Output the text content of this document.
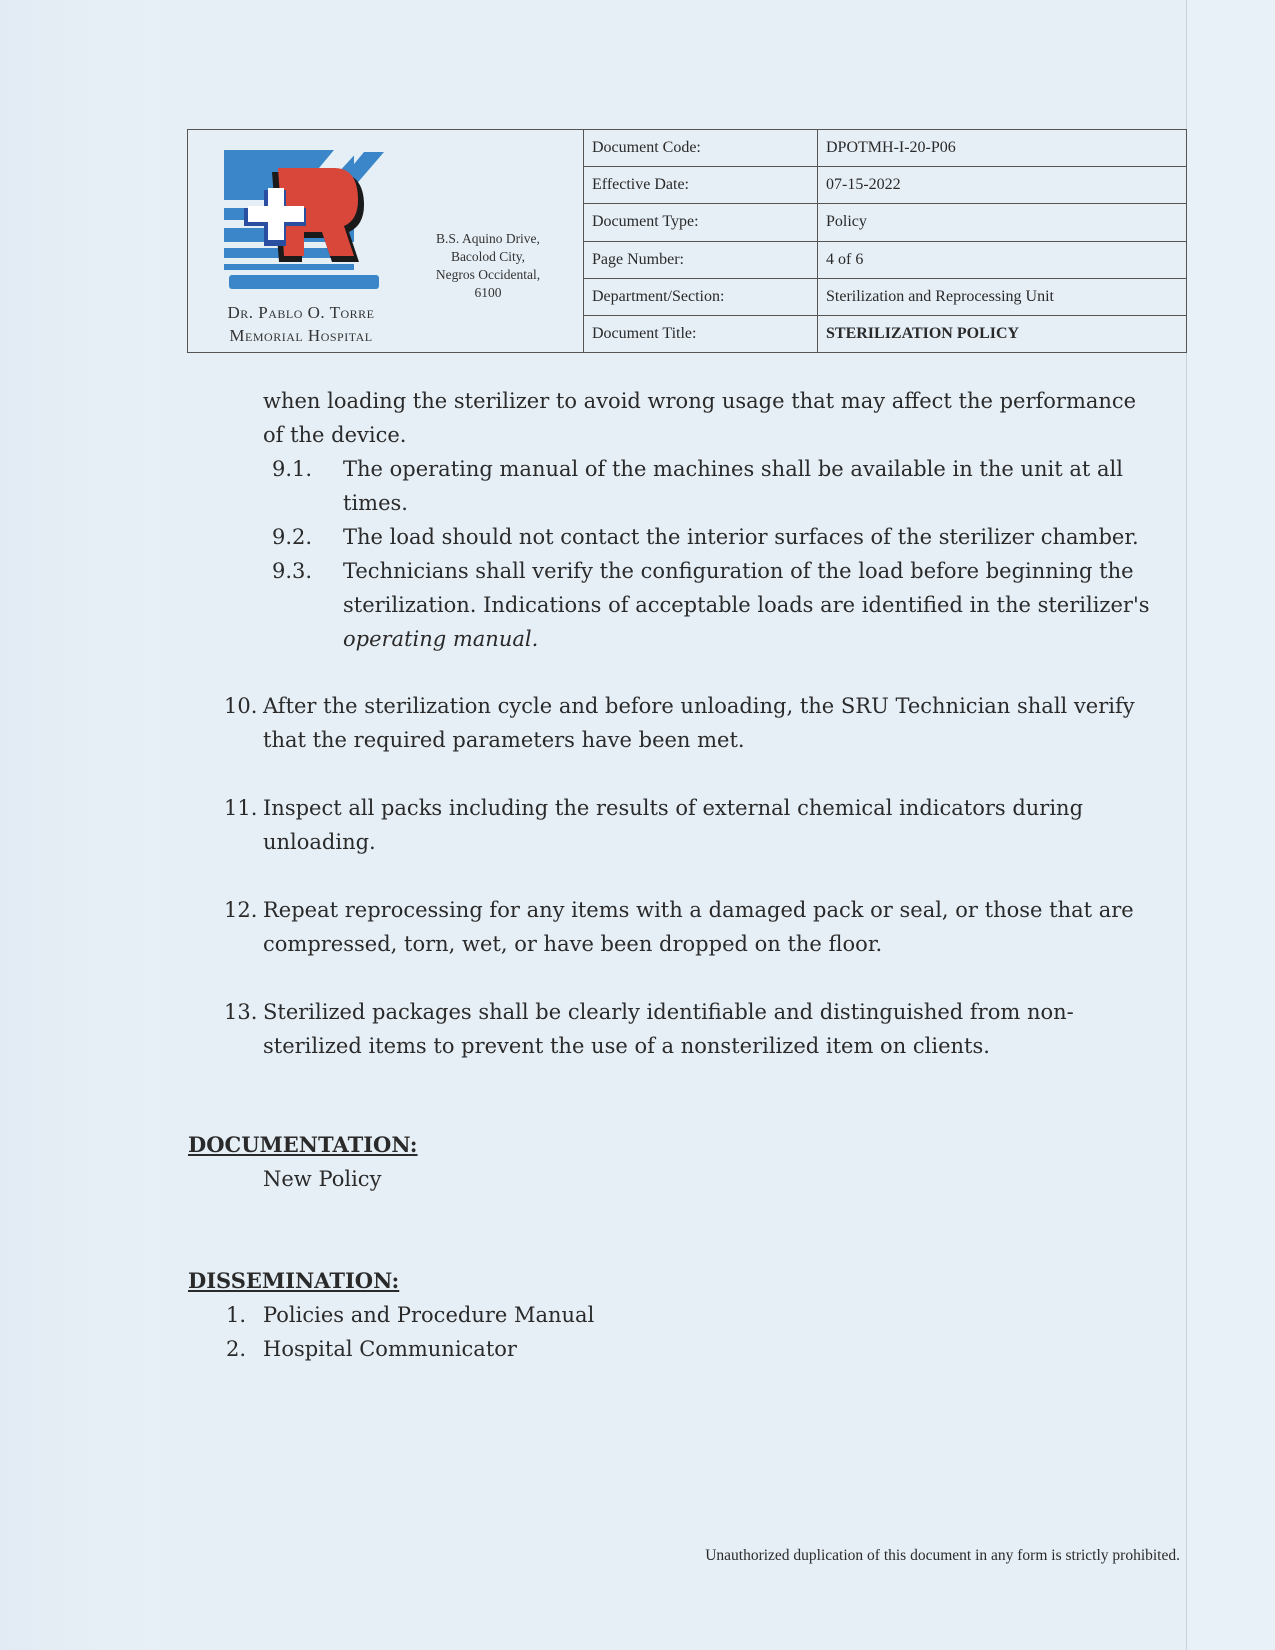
Dr. Pablo O. Torre
Memorial Hospital
B.S. Aquino Drive,
Bacolod City,
Negros Occidental,
6100
Document Code:	DPOTMH-I-20-P06
Effective Date:	07-15-2022
Document Type:	Policy
Page Number:	4 of 6
Department/Section:	Sterilization and Reprocessing Unit
Document Title:	STERILIZATION POLICY
when loading the sterilizer to avoid wrong usage that may affect the performance
of the device.
9.1. The operating manual of the machines shall be available in the unit at all
times.
9.2. The load should not contact the interior surfaces of the sterilizer chamber.
9.3. Technicians shall verify the configuration of the load before beginning the
sterilization. Indications of acceptable loads are identified in the sterilizer's
operating manual.
10. After the sterilization cycle and before unloading, the SRU Technician shall verify
that the required parameters have been met.
11. Inspect all packs including the results of external chemical indicators during
unloading.
12. Repeat reprocessing for any items with a damaged pack or seal, or those that are
compressed, torn, wet, or have been dropped on the floor.
13. Sterilized packages shall be clearly identifiable and distinguished from non-
sterilized items to prevent the use of a nonsterilized item on clients.
DOCUMENTATION:
New Policy
DISSEMINATION:
1. Policies and Procedure Manual
2. Hospital Communicator
Unauthorized duplication of this document in any form is strictly prohibited.
